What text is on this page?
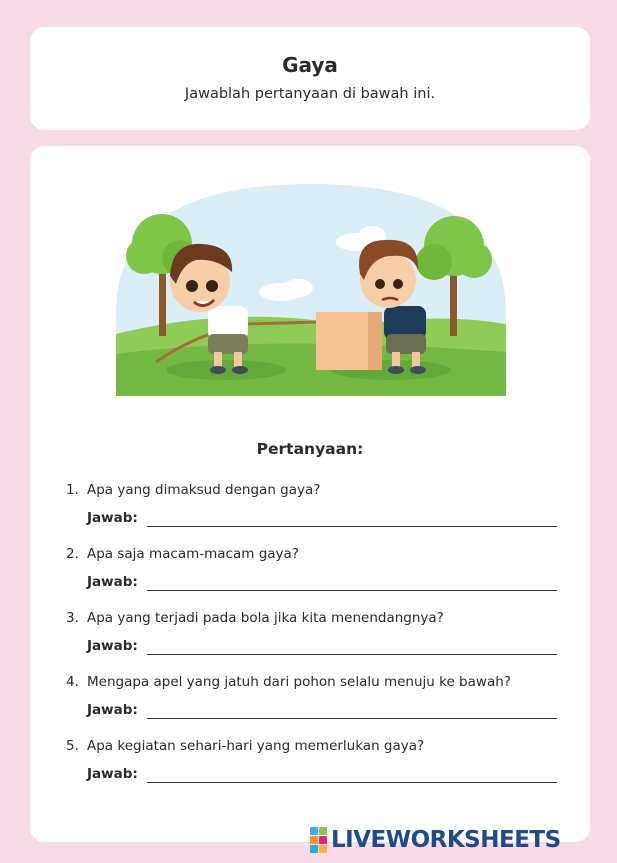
Gaya
Jawablah pertanyaan di bawah ini.
Pertanyaan:
1. Apa yang dimaksud dengan gaya?
Jawab:
2. Apa saja macam-macam gaya?
Jawab:
3. Apa yang terjadi pada bola jika kita menendangnya?
Jawab:
4. Mengapa apel yang jatuh dari pohon selalu menuju ke bawah?
Jawab:
5. Apa kegiatan sehari-hari yang memerlukan gaya?
Jawab:
LIVEWORKSHEETS
